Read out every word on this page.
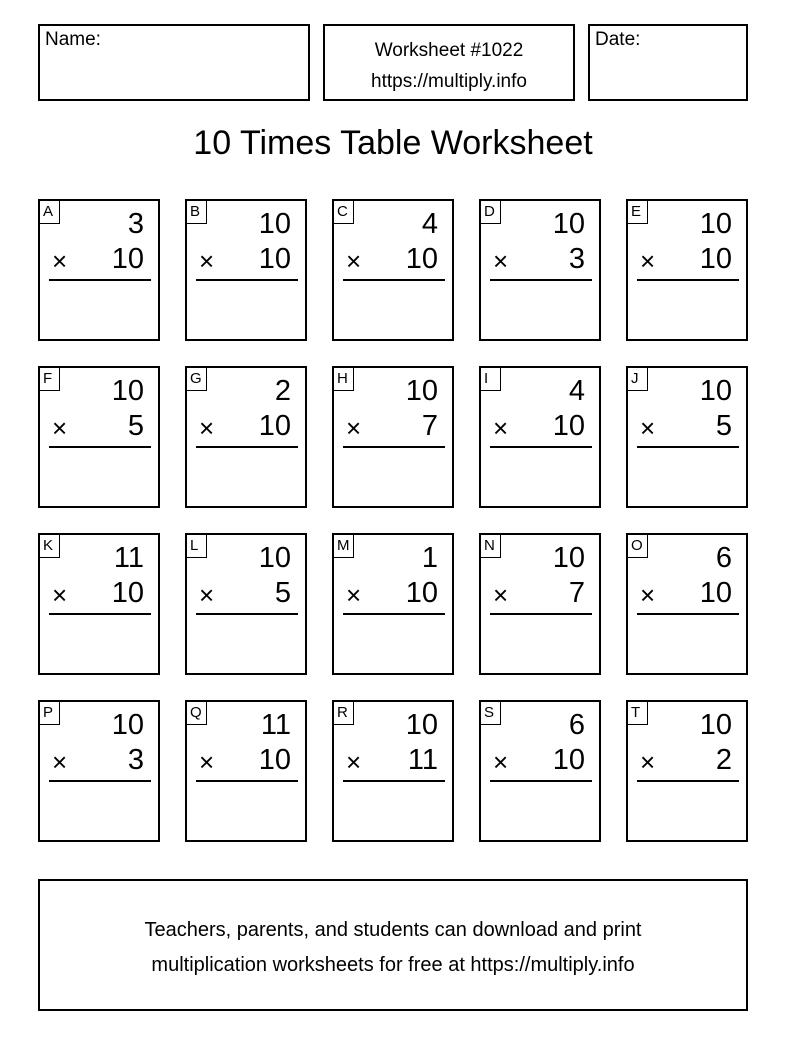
Name:
Worksheet #1022
https://multiply.info
Date:
10 Times Table Worksheet
A	3
× 10
B 10
× 10
C	4
× 10
D 10
× 3
E 10
× 10
F 10
× 5
G	2
× 10
H 10
× 7
I	4
× 10
J	10
× 5
K 11
× 10
L 10
× 5
M 1
× 10
N 10
× 7
O	6
× 10
P 10
× 3
Q 11
× 10
R 10
× 11
S	6
× 10
T 10
× 2
Teachers, parents, and students can download and print
multiplication worksheets for free at https://multiply.info
